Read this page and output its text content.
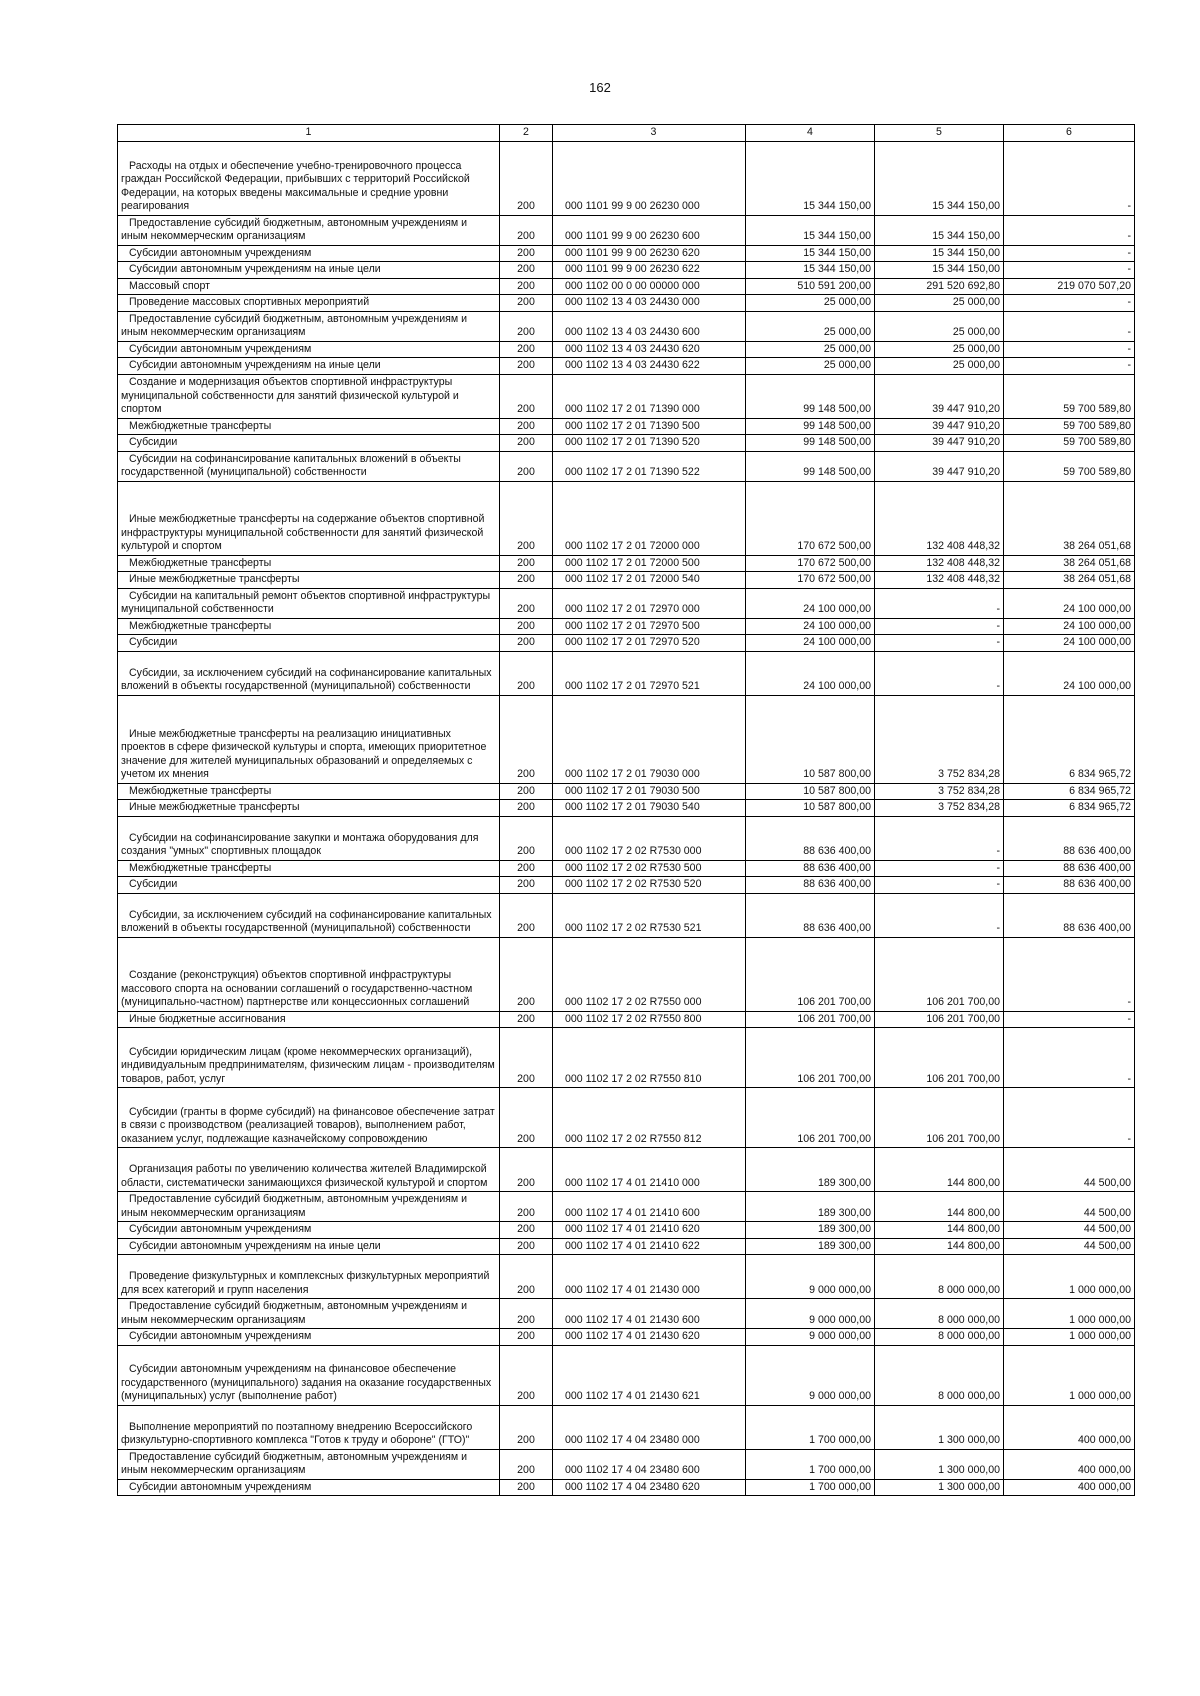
162
1	2	3	4	5	6

Расходы на отдых и обеспечение учебно-тренировочного процесса граждан Российской Федерации, прибывших с территорий Российской Федерации, на которых введены максимальные и средние уровни реагирования	200	000 1101 99 9 00 26230 000	15 344 150,00	15 344 150,00	-

Предоставление субсидий бюджетным, автономным учреждениям и иным некоммерческим организациям	200	000 1101 99 9 00 26230 600	15 344 150,00	15 344 150,00	-

Субсидии автономным учреждениям	200	000 1101 99 9 00 26230 620	15 344 150,00	15 344 150,00	-

Субсидии автономным учреждениям на иные цели	200	000 1101 99 9 00 26230 622	15 344 150,00	15 344 150,00	-

Массовый спорт	200	000 1102 00 0 00 00000 000	510 591 200,00	291 520 692,80	219 070 507,20

Проведение массовых спортивных мероприятий	200	000 1102 13 4 03 24430 000	25 000,00	25 000,00	-

Предоставление субсидий бюджетным, автономным учреждениям и иным некоммерческим организациям	200	000 1102 13 4 03 24430 600	25 000,00	25 000,00	-

Субсидии автономным учреждениям	200	000 1102 13 4 03 24430 620	25 000,00	25 000,00	-

Субсидии автономным учреждениям на иные цели	200	000 1102 13 4 03 24430 622	25 000,00	25 000,00	-

Создание и модернизация объектов спортивной инфраструктуры муниципальной собственности для занятий физической культурой и спортом	200	000 1102 17 2 01 71390 000	99 148 500,00	39 447 910,20	59 700 589,80

Межбюджетные трансферты	200	000 1102 17 2 01 71390 500	99 148 500,00	39 447 910,20	59 700 589,80

Субсидии	200	000 1102 17 2 01 71390 520	99 148 500,00	39 447 910,20	59 700 589,80

Субсидии на софинансирование капитальных вложений в объекты государственной (муниципальной) собственности	200	000 1102 17 2 01 71390 522	99 148 500,00	39 447 910,20	59 700 589,80

Иные межбюджетные трансферты на содержание объектов спортивной инфраструктуры муниципальной собственности для занятий физической культурой и спортом	200	000 1102 17 2 01 72000 000	170 672 500,00	132 408 448,32	38 264 051,68

Межбюджетные трансферты	200	000 1102 17 2 01 72000 500	170 672 500,00	132 408 448,32	38 264 051,68

Иные межбюджетные трансферты	200	000 1102 17 2 01 72000 540	170 672 500,00	132 408 448,32	38 264 051,68

Субсидии на капитальный ремонт объектов спортивной инфраструктуры муниципальной собственности	200	000 1102 17 2 01 72970 000	24 100 000,00	-	24 100 000,00

Межбюджетные трансферты	200	000 1102 17 2 01 72970 500	24 100 000,00	-	24 100 000,00

Субсидии	200	000 1102 17 2 01 72970 520	24 100 000,00	-	24 100 000,00

Субсидии, за исключением субсидий на софинансирование капитальных вложений в объекты государственной (муниципальной) собственности	200	000 1102 17 2 01 72970 521	24 100 000,00	-	24 100 000,00

Иные межбюджетные трансферты на реализацию инициативных проектов в сфере физической культуры и спорта, имеющих приоритетное значение для жителей муниципальных образований и определяемых с учетом их мнения	200	000 1102 17 2 01 79030 000	10 587 800,00	3 752 834,28	6 834 965,72

Межбюджетные трансферты	200	000 1102 17 2 01 79030 500	10 587 800,00	3 752 834,28	6 834 965,72

Иные межбюджетные трансферты	200	000 1102 17 2 01 79030 540	10 587 800,00	3 752 834,28	6 834 965,72

Субсидии на софинансирование закупки и монтажа оборудования для создания "умных" спортивных площадок	200	000 1102 17 2 02 R7530 000	88 636 400,00	-	88 636 400,00

Межбюджетные трансферты	200	000 1102 17 2 02 R7530 500	88 636 400,00	-	88 636 400,00

Субсидии	200	000 1102 17 2 02 R7530 520	88 636 400,00	-	88 636 400,00

Субсидии, за исключением субсидий на софинансирование капитальных вложений в объекты государственной (муниципальной) собственности	200	000 1102 17 2 02 R7530 521	88 636 400,00	-	88 636 400,00

Создание (реконструкция) объектов спортивной инфраструктуры массового спорта на основании соглашений о государственно-частном (муниципально-частном) партнерстве или концессионных соглашений	200	000 1102 17 2 02 R7550 000	106 201 700,00	106 201 700,00	-

Иные бюджетные ассигнования	200	000 1102 17 2 02 R7550 800	106 201 700,00	106 201 700,00	-

Субсидии юридическим лицам (кроме некоммерческих организаций), индивидуальным предпринимателям, физическим лицам - производителям товаров, работ, услуг	200	000 1102 17 2 02 R7550 810	106 201 700,00	106 201 700,00	-

Субсидии (гранты в форме субсидий) на финансовое обеспечение затрат в связи с производством (реализацией товаров), выполнением работ, оказанием услуг, подлежащие казначейскому сопровождению	200	000 1102 17 2 02 R7550 812	106 201 700,00	106 201 700,00	-

Организация работы по увеличению количества жителей Владимирской области, систематически занимающихся физической культурой и спортом	200	000 1102 17 4 01 21410 000	189 300,00	144 800,00	44 500,00

Предоставление субсидий бюджетным, автономным учреждениям и иным некоммерческим организациям	200	000 1102 17 4 01 21410 600	189 300,00	144 800,00	44 500,00

Субсидии автономным учреждениям	200	000 1102 17 4 01 21410 620	189 300,00	144 800,00	44 500,00

Субсидии автономным учреждениям на иные цели	200	000 1102 17 4 01 21410 622	189 300,00	144 800,00	44 500,00

Проведение физкультурных и комплексных физкультурных мероприятий для всех категорий и групп населения	200	000 1102 17 4 01 21430 000	9 000 000,00	8 000 000,00	1 000 000,00

Предоставление субсидий бюджетным, автономным учреждениям и иным некоммерческим организациям	200	000 1102 17 4 01 21430 600	9 000 000,00	8 000 000,00	1 000 000,00

Субсидии автономным учреждениям	200	000 1102 17 4 01 21430 620	9 000 000,00	8 000 000,00	1 000 000,00

Субсидии автономным учреждениям на финансовое обеспечение государственного (муниципального) задания на оказание государственных (муниципальных) услуг (выполнение работ)	200	000 1102 17 4 01 21430 621	9 000 000,00	8 000 000,00	1 000 000,00

Выполнение мероприятий по поэтапному внедрению Всероссийского физкультурно-спортивного комплекса "Готов к труду и обороне" (ГТО)"	200	000 1102 17 4 04 23480 000	1 700 000,00	1 300 000,00	400 000,00

Предоставление субсидий бюджетным, автономным учреждениям и иным некоммерческим организациям	200	000 1102 17 4 04 23480 600	1 700 000,00	1 300 000,00	400 000,00

Субсидии автономным учреждениям	200	000 1102 17 4 04 23480 620	1 700 000,00	1 300 000,00	400 000,00
